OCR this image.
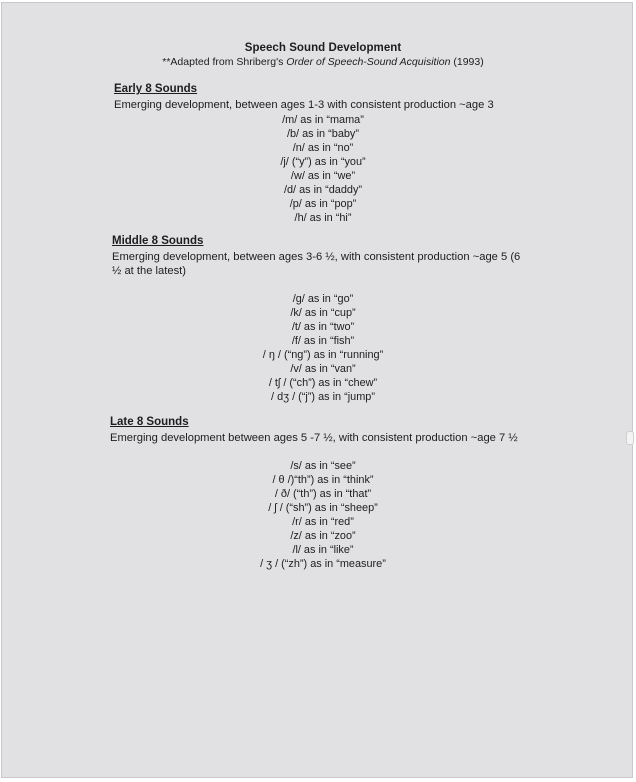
Speech Sound Development
**Adapted from Shriberg's Order of Speech-Sound Acquisition (1993)
Early 8 Sounds
Emerging development, between ages 1-3 with consistent production ~age 3
/m/ as in “mama”
/b/ as in “baby”
/n/ as in “no”
/j/ (“y”) as in “you”
/w/ as in “we”
/d/ as in “daddy”
/p/ as in “pop”
/h/ as in “hi”
Middle 8 Sounds
Emerging development, between ages 3-6 ½, with consistent production ~age 5 (6 ½ at the latest)
/g/ as in “go”
/k/ as in “cup”
/t/ as in “two”
/f/ as in “fish”
/ ŋ / (“ng”) as in “running”
/v/ as in “van”
/ tʃ / (“ch”) as in “chew”
/ dʒ / (“j”) as in “jump”
Late 8 Sounds
Emerging development between ages 5 -7 ½, with consistent production ~age 7 ½
/s/ as in “see”
/ θ /)“th”) as in “think”
/ ð/ (“th”) as in “that”
/ ʃ / (“sh”) as in “sheep”
/r/ as in “red”
/z/ as in “zoo”
/l/ as in “like”
/ ʒ / (“zh”) as in “measure”
